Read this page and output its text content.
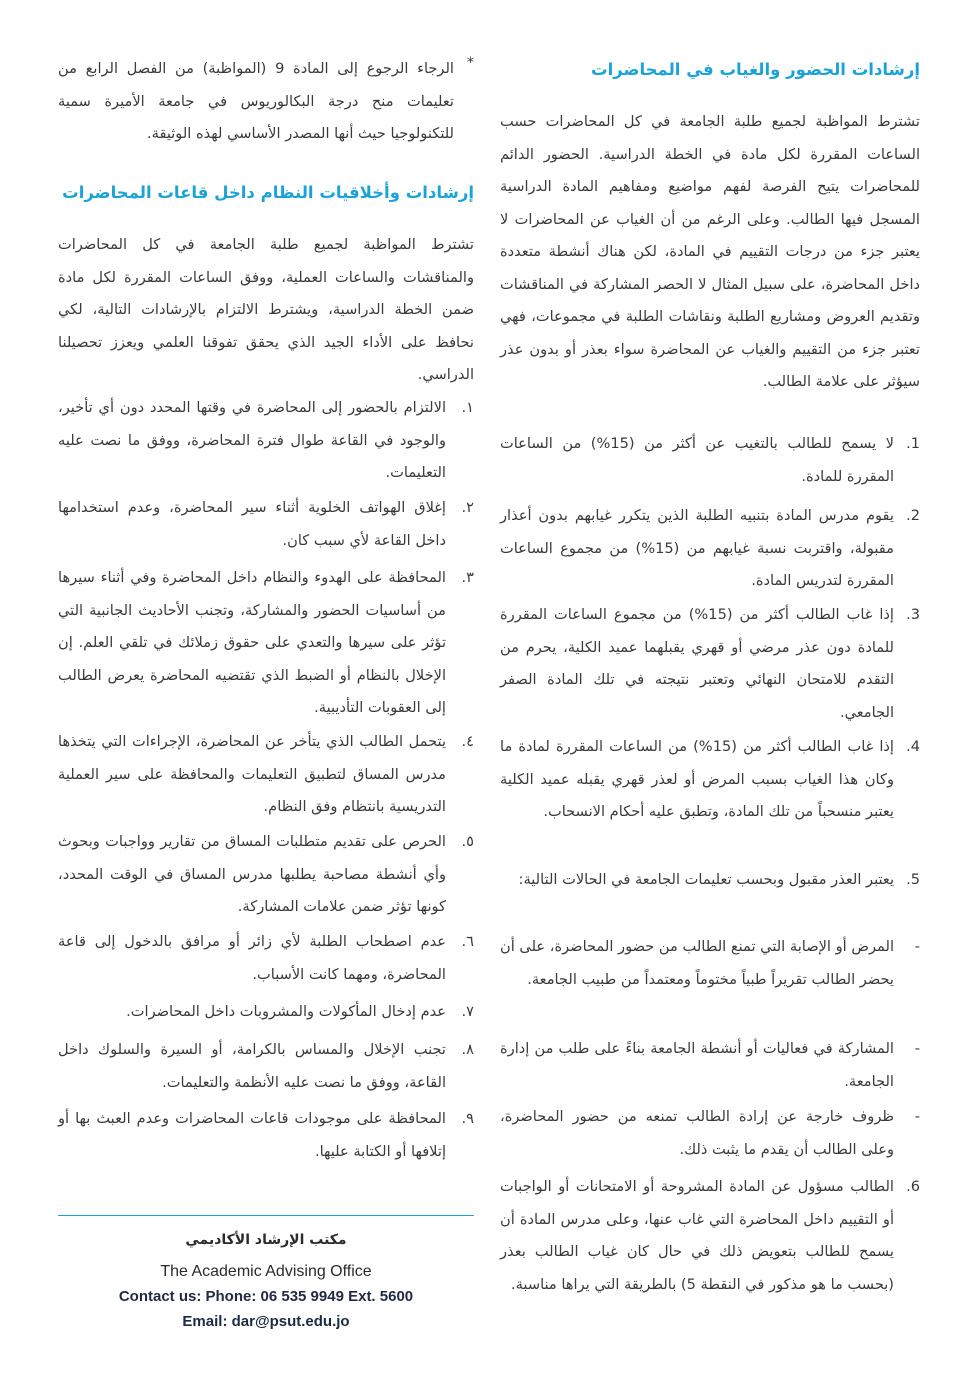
إرشادات الحضور والغياب في المحاضرات

تشترط المواظبة لجميع طلبة الجامعة في كل المحاضرات حسب الساعات المقررة لكل مادة في الخطة الدراسية. الحضور الدائم للمحاضرات يتيح الفرصة لفهم مواضيع ومفاهيم المادة الدراسية المسجل فيها الطالب. وعلى الرغم من أن الغياب عن المحاضرات لا يعتبر جزء من درجات التقييم في المادة، لكن هناك أنشطة متعددة داخل المحاضرة، على سبيل المثال لا الحصر المشاركة في المناقشات وتقديم العروض ومشاريع الطلبة ونقاشات الطلبة في مجموعات، فهي تعتبر جزء من التقييم والغياب عن المحاضرة سواء بعذر أو بدون عذر سيؤثر على علامة الطالب.

1.
لا يسمح للطالب بالتغيب عن أكثر من (15%) من الساعات المقررة للمادة.
2.
يقوم مدرس المادة بتنبيه الطلبة الذين يتكرر غيابهم بدون أعذار مقبولة، واقتربت نسبة غيابهم من (15%) من مجموع الساعات المقررة لتدريس المادة.
3.
إذا غاب الطالب أكثر من (15%) من مجموع الساعات المقررة للمادة دون عذر مرضي أو قهري يقبلهما عميد الكلية، يحرم من التقدم للامتحان النهائي وتعتبر نتيجته في تلك المادة الصفر الجامعي.
4.
إذا غاب الطالب أكثر من (15%) من الساعات المقررة لمادة ما وكان هذا الغياب بسبب المرض أو لعذر قهري يقبله عميد الكلية يعتبر منسحباً من تلك المادة، وتطبق عليه أحكام الانسحاب.
5.
يعتبر العذر مقبول وبحسب تعليمات الجامعة في الحالات التالية:
-
المرض أو الإصابة التي تمنع الطالب من حضور المحاضرة، على أن يحضر الطالب تقريراً طبياً مختوماً ومعتمداً من طبيب الجامعة.
-
المشاركة في فعاليات أو أنشطة الجامعة بناءً على طلب من إدارة الجامعة.
-
ظروف خارجة عن إرادة الطالب تمنعه من حضور المحاضرة، وعلى الطالب أن يقدم ما يثبت ذلك.
6.
الطالب مسؤول عن المادة المشروحة أو الامتحانات أو الواجبات أو التقييم داخل المحاضرة التي غاب عنها، وعلى مدرس المادة أن يسمح للطالب بتعويض ذلك في حال كان غياب الطالب بعذر (بحسب ما هو مذكور في النقطة 5) بالطريقة التي يراها مناسبة.
*
الرجاء الرجوع إلى المادة 9 (المواظبة) من الفصل الرابع من تعليمات منح درجة البكالوريوس في جامعة الأميرة سمية للتكنولوجيا حيث أنها المصدر الأساسي لهذه الوثيقة.
إرشادات وأخلاقيات النظام داخل قاعات المحاضرات

تشترط المواظبة لجميع طلبة الجامعة في كل المحاضرات والمناقشات والساعات العملية، ووفق الساعات المقررة لكل مادة ضمن الخطة الدراسية، ويشترط الالتزام بالإرشادات التالية، لكي نحافظ على الأداء الجيد الذي يحقق تفوقنا العلمي ويعزز تحصيلنا الدراسي.

١.
الالتزام بالحضور إلى المحاضرة في وقتها المحدد دون أي تأخير، والوجود في القاعة طوال فترة المحاضرة، ووفق ما نصت عليه التعليمات.
٢.
إغلاق الهواتف الخلوية أثناء سير المحاضرة، وعدم استخدامها داخل القاعة لأي سبب كان.
٣.
المحافظة على الهدوء والنظام داخل المحاضرة وفي أثناء سيرها من أساسيات الحضور والمشاركة، وتجنب الأحاديث الجانبية التي تؤثر على سيرها والتعدي على حقوق زملائك في تلقي العلم. إن الإخلال بالنظام أو الضبط الذي تقتضيه المحاضرة يعرض الطالب إلى العقوبات التأديبية.
٤.
يتحمل الطالب الذي يتأخر عن المحاضرة، الإجراءات التي يتخذها مدرس المساق لتطبيق التعليمات والمحافظة على سير العملية التدريسية بانتظام وفق النظام.
٥.
الحرص على تقديم متطلبات المساق من تقارير وواجبات وبحوث وأي أنشطة مصاحبة يطلبها مدرس المساق في الوقت المحدد، كونها تؤثر ضمن علامات المشاركة.
٦.
عدم اصطحاب الطلبة لأي زائر أو مرافق بالدخول إلى قاعة المحاضرة، ومهما كانت الأسباب.
٧.
عدم إدخال المأكولات والمشروبات داخل المحاضرات.
٨.
تجنب الإخلال والمساس بالكرامة، أو السيرة والسلوك داخل القاعة، ووفق ما نصت عليه الأنظمة والتعليمات.
٩.
المحافظة على موجودات قاعات المحاضرات وعدم العبث بها أو إتلافها أو الكتابة عليها.
مكتب الإرشاد الأكاديمي
The Academic Advising Office
Contact us: Phone: 06 535 9949 Ext. 5600
Email: dar@psut.edu.jo
